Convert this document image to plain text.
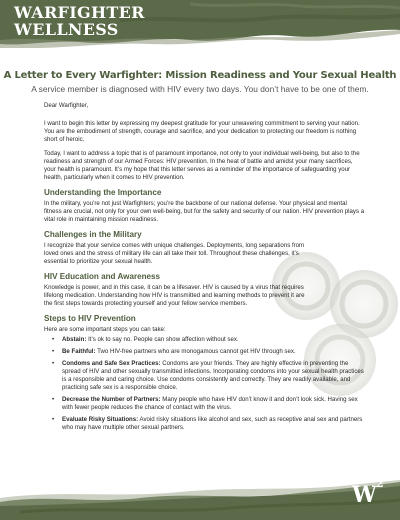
WARFIGHTER
WELLNESS
A Letter to Every Warfighter: Mission Readiness and Your Sexual Health
A service member is diagnosed with HIV every two days. You don’t have to be one of them.

Dear Warfighter,

I want to begin this letter by expressing my deepest gratitude for your unwavering commitment to serving your nation. You are the embodiment of strength, courage and sacrifice, and your dedication to protecting our freedom is nothing short of heroic.

Today, I want to address a topic that is of paramount importance, not only to your individual well-being, but also to the readiness and strength of our Armed Forces: HIV prevention. In the heat of battle and amidst your many sacrifices, your health is paramount. It’s my hope that this letter serves as a reminder of the importance of safeguarding your health, particularly when it comes to HIV prevention.

Understanding the Importance

In the military, you’re not just Warfighters; you’re the backbone of our national defense. Your physical and mental fitness are crucial, not only for your own well-being, but for the safety and security of our nation. HIV prevention plays a vital role in maintaining mission readiness.

Challenges in the Military

I recognize that your service comes with unique challenges. Deployments, long separations from loved ones and the stress of military life can all take their toll. Throughout these challenges, it’s essential to prioritize your sexual health.

HIV Education and Awareness

Knowledge is power, and in this case, it can be a lifesaver. HIV is caused by a virus that requires lifelong medication. Understanding how HIV is transmitted and learning methods to prevent it are the first steps towards protecting yourself and your fellow service members.

Steps to HIV Prevention
Here are some important steps you can take:
• Abstain: It’s ok to say no. People can show affection without sex.
• Be Faithful: Two HIV-free partners who are monogamous cannot get HIV through sex.
• Condoms and Safe Sex Practices: Condoms are your friends. They are highly effective in preventing the spread of HIV and other sexually transmitted infections. Incorporating condoms into your sexual health practices is a responsible and caring choice. Use condoms consistently and correctly. They are readily available, and practicing safe sex is a responsible choice.
• Decrease the Number of Partners: Many people who have HIV don’t know it and don’t look sick. Having sex with fewer people reduces the chance of contact with the virus.
• Evaluate Risky Situations: Avoid risky situations like alcohol and sex, such as receptive anal sex and partners who may have multiple other sexual partners.
W 2
